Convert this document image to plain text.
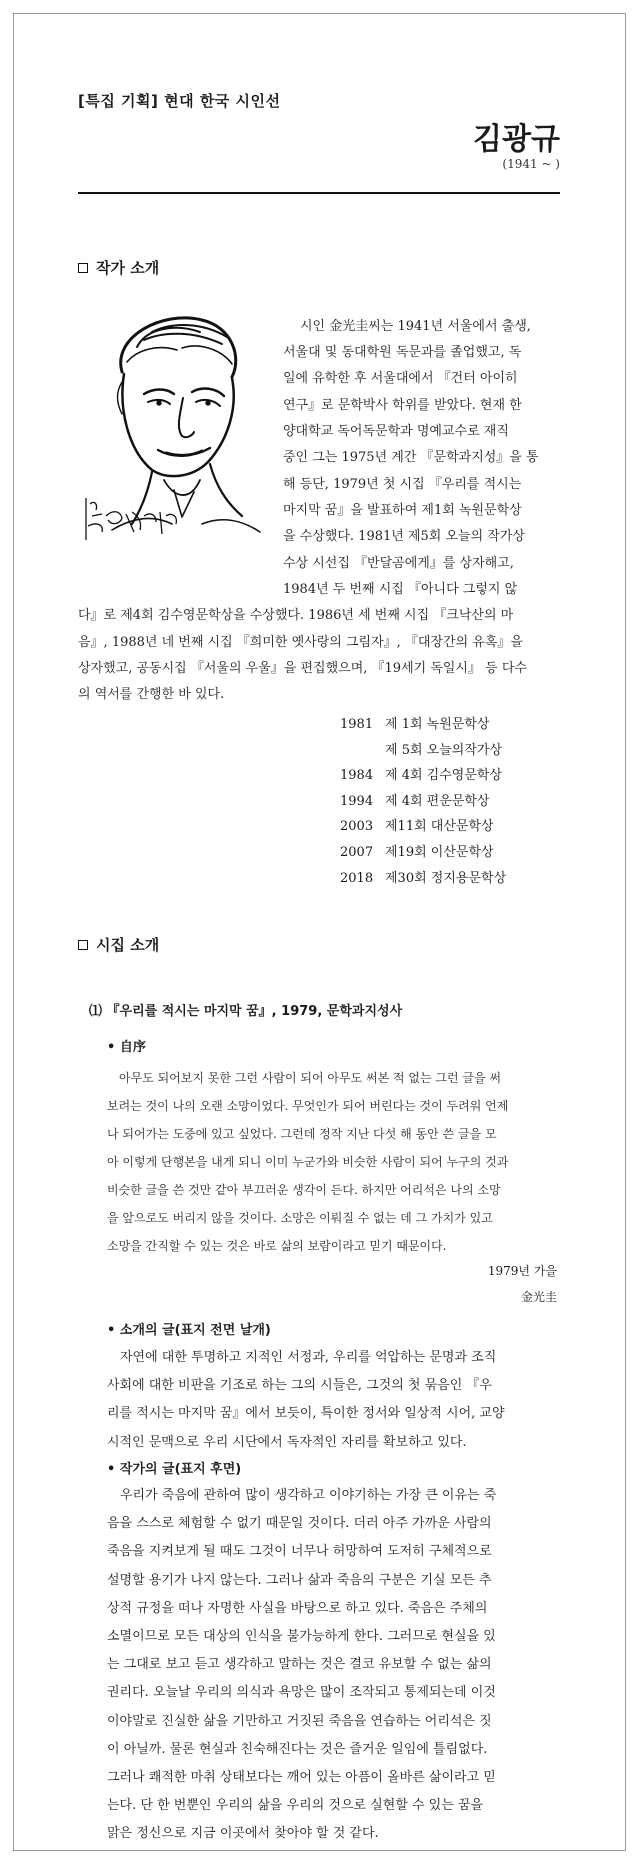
[특집 기획] 현대 한국 시인선
김광규
(1941 ~ )
작가 소개
시인 金光圭씨는 1941년 서울에서 출생,
서울대 및 동대학원 독문과를 졸업했고, 독
일에 유학한 후 서울대에서 『건터 아이히
연구』로 문학박사 학위를 받았다. 현재 한
양대학교 독어독문학과 명예교수로 재직
중인 그는 1975년 계간 『문학과지성』을 통
해 등단, 1979년 첫 시집 『우리를 적시는
마지막 꿈』을 발표하여 제1회 녹원문학상
을 수상했다. 1981년 제5회 오늘의 작가상
수상 시선집 『반달곰에게』를 상자해고,
1984년 두 번째 시집 『아니다 그렇지 않
다』로 제4회 김수영문학상을 수상했다. 1986년 세 번째 시집 『크낙산의 마
음』, 1988년 네 번째 시집 『희미한 옛사랑의 그림자』, 『대장간의 유혹』을
상자했고, 공동시집 『서울의 우울』을 편집했으며, 『19세기 독일시』 등 다수
의 역서를 간행한 바 있다.
1981 제 1회 녹원문학상
제 5회 오늘의작가상
1984 제 4회 김수영문학상
1994 제 4회 편운문학상
2003 제11회 대산문학상
2007 제19회 이산문학상
2018 제30회 정지용문학상
시집 소개
⑴ 『우리를 적시는 마지막 꿈』, 1979, 문학과지성사
• 自序
아무도 되어보지 못한 그런 사람이 되어 아무도 써본 적 없는 그런 글을 써
보려는 것이 나의 오랜 소망이었다. 무엇인가 되어 버린다는 것이 두려워 언제
나 되어가는 도중에 있고 싶었다. 그런데 정작 지난 다섯 해 동안 쓴 글을 모
아 이렇게 단행본을 내게 되니 이미 누군가와 비슷한 사람이 되어 누구의 것과
비슷한 글을 쓴 것만 같아 부끄러운 생각이 든다. 하지만 어리석은 나의 소망
을 앞으로도 버리지 않을 것이다. 소망은 이뤄질 수 없는 데 그 가치가 있고
소망을 간직할 수 있는 것은 바로 삶의 보람이라고 믿기 때문이다.
1979년 가을
金光圭
• 소개의 글(표지 전면 날개)
자연에 대한 투명하고 지적인 서정과, 우리를 억압하는 문명과 조직
사회에 대한 비판을 기조로 하는 그의 시들은, 그것의 첫 묶음인 『우
리를 적시는 마지막 꿈』에서 보듯이, 특이한 정서와 일상적 시어, 교양
시적인 문맥으로 우리 시단에서 독자적인 자리를 확보하고 있다.
• 작가의 글(표지 후면)
우리가 죽음에 관하여 많이 생각하고 이야기하는 가장 큰 이유는 죽
음을 스스로 체험할 수 없기 때문일 것이다. 더러 아주 가까운 사람의
죽음을 지켜보게 될 때도 그것이 너무나 허망하여 도저히 구체적으로
설명할 용기가 나지 않는다. 그러나 삶과 죽음의 구분은 기실 모든 추
상적 규정을 떠나 자명한 사실을 바탕으로 하고 있다. 죽음은 주체의
소멸이므로 모든 대상의 인식을 불가능하게 한다. 그러므로 현실을 있
는 그대로 보고 듣고 생각하고 말하는 것은 결코 유보할 수 없는 삶의
권리다. 오늘날 우리의 의식과 욕망은 많이 조작되고 통제되는데 이것
이야말로 진실한 삶을 기만하고 거짓된 죽음을 연습하는 어리석은 짓
이 아닐까. 물론 현실과 친숙해진다는 것은 즐거운 일임에 틀림없다.
그러나 쾌적한 마취 상태보다는 깨어 있는 아픔이 올바른 삶이라고 믿
는다. 단 한 번뿐인 우리의 삶을 우리의 것으로 실현할 수 있는 꿈을
맑은 정신으로 지금 이곳에서 찾아야 할 것 같다.
